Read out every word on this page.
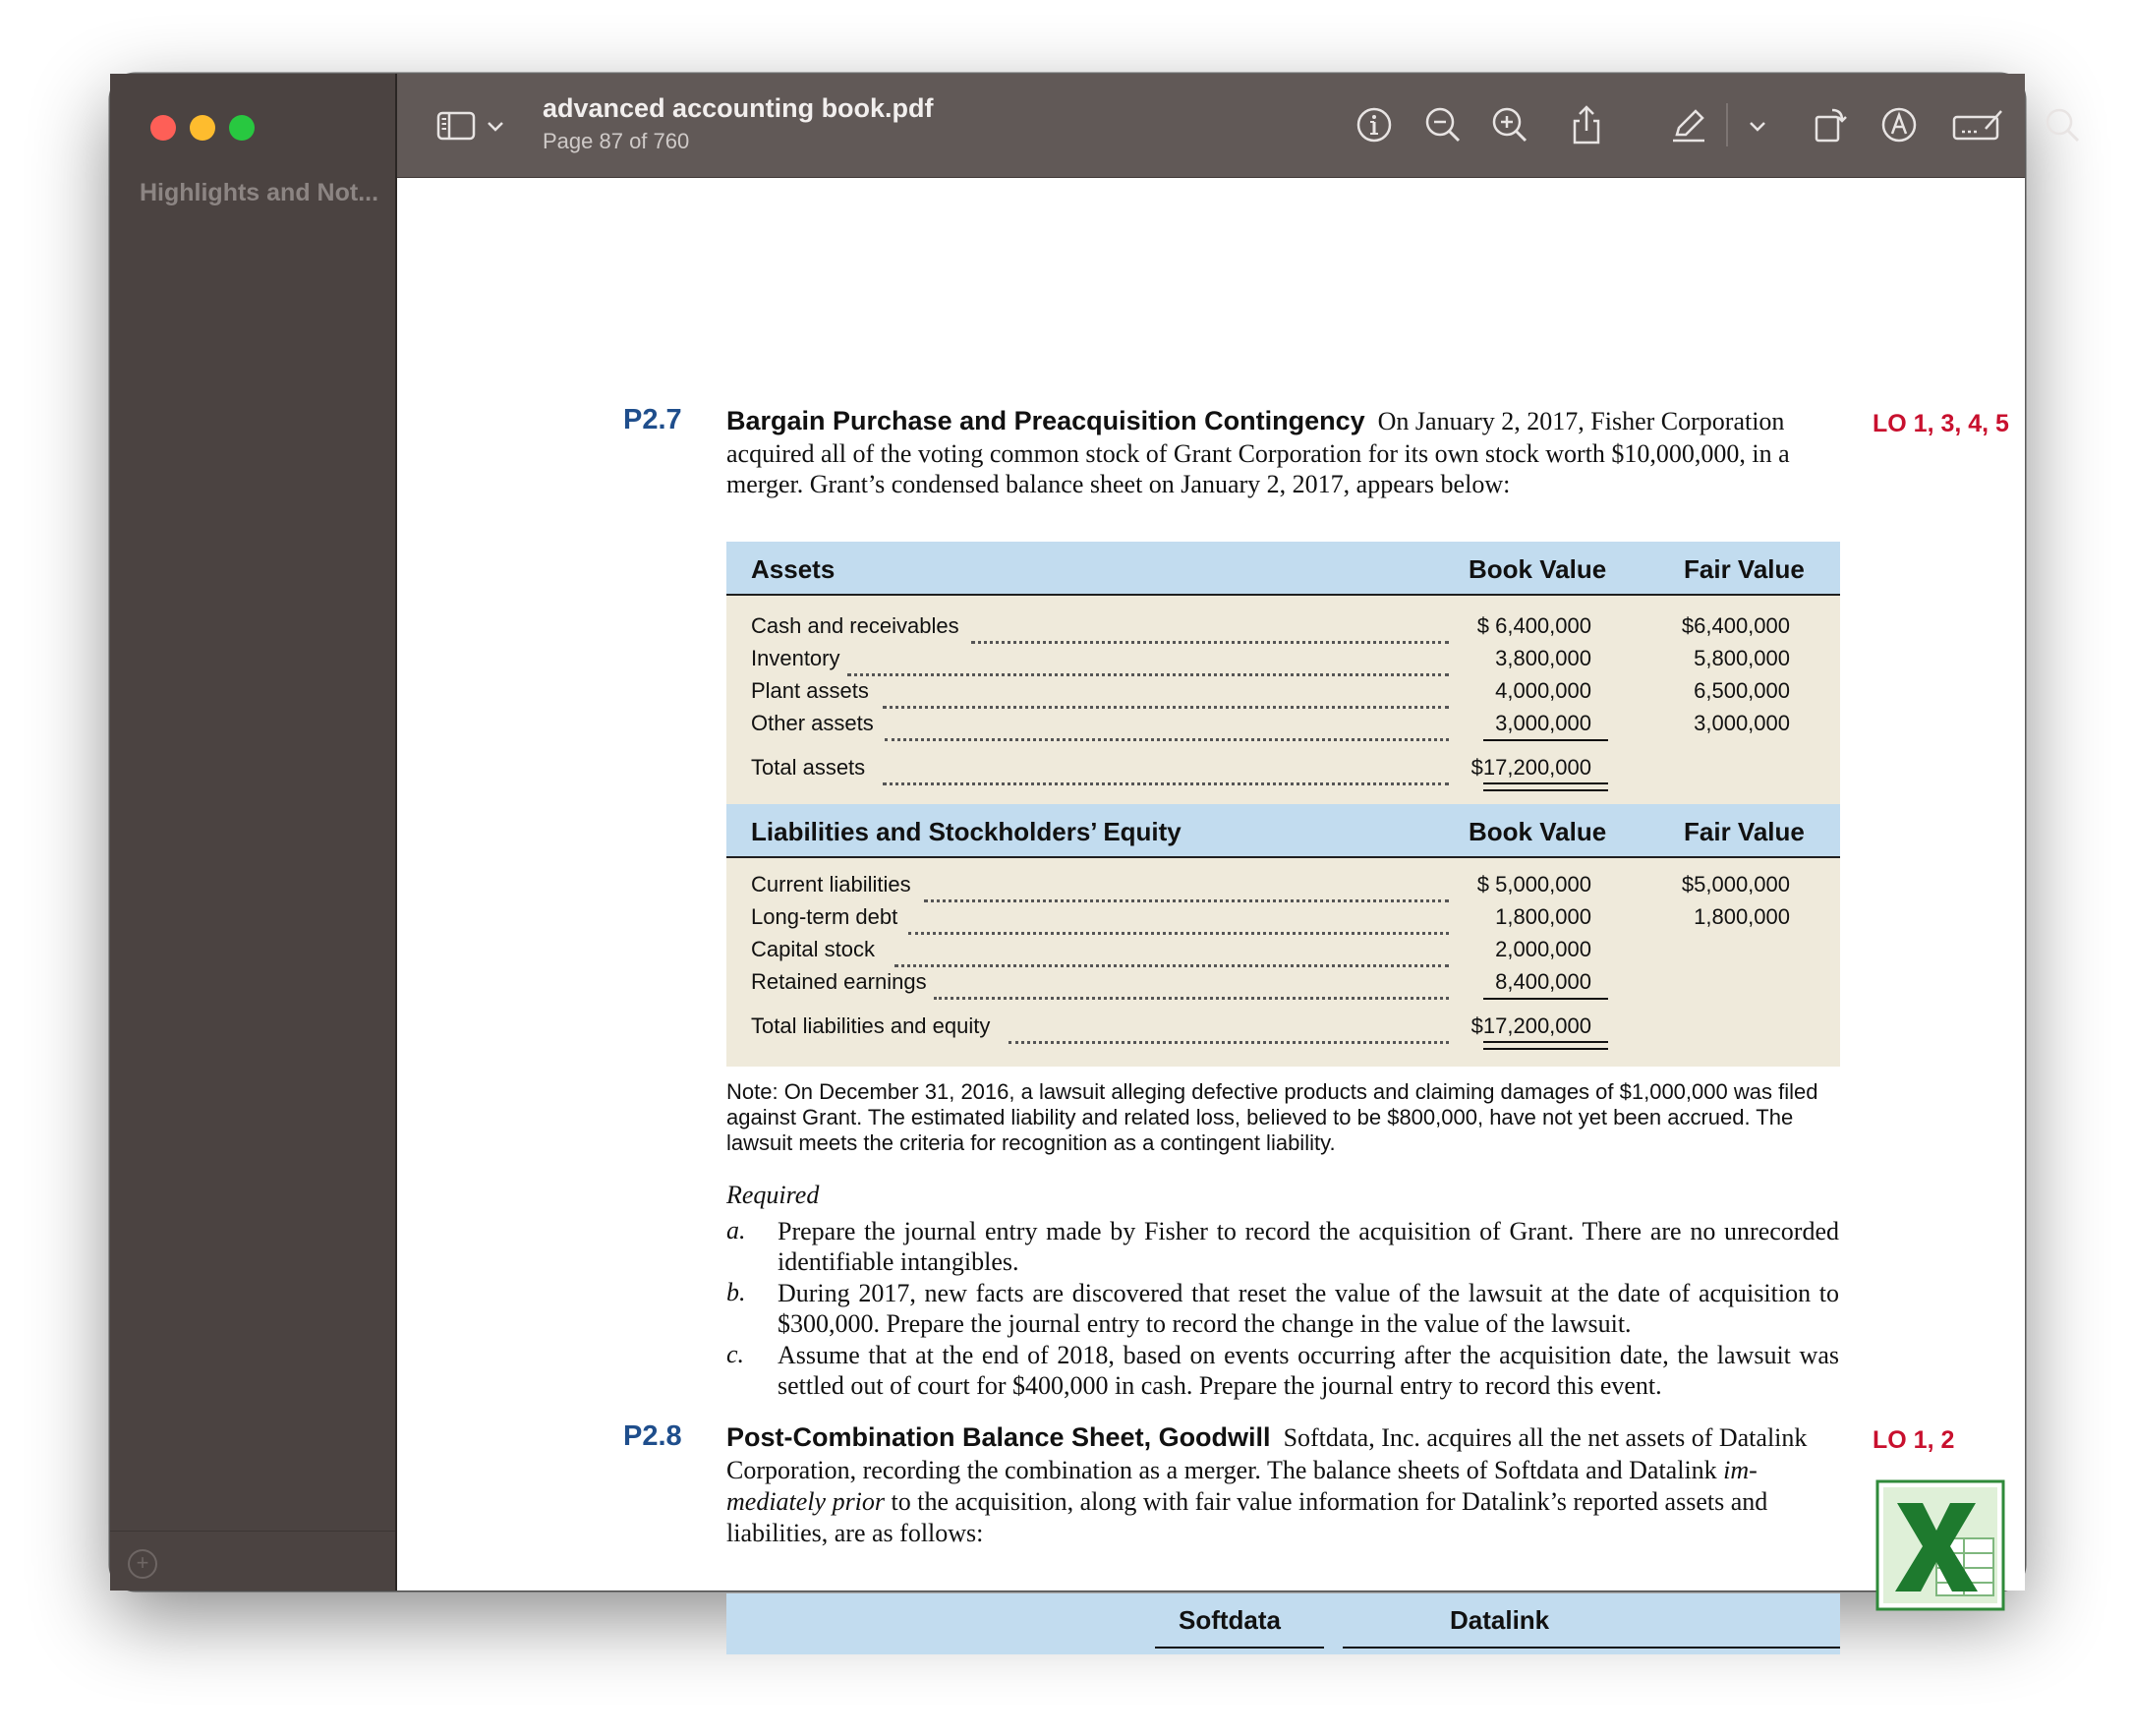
Highlights and Not...
+
advanced accounting book.pdf
Page 87 of 760
P2.7	LO 1, 3, 4, 5
Bargain Purchase and Preacquisition Contingency On January 2, 2017, Fisher Corporation
acquired all of the voting common stock of Grant Corporation for its own stock worth $10,000,000, in a
merger. Grant’s condensed balance sheet on January 2, 2017, appears below:
Assets	Book Value	Fair Value
Cash and receivables	$ 6,400,000	$6,400,000
Inventory	3,800,000	5,800,000
Plant assets	4,000,000	6,500,000
Other assets	3,000,000	3,000,000
Total assets	$17,200,000
Liabilities and Stockholders’ Equity	Book Value	Fair Value
Current liabilities	$ 5,000,000	$5,000,000
Long-term debt	1,800,000	1,800,000
Capital stock	2,000,000
Retained earnings	8,400,000
Total liabilities and equity	$17,200,000
Note: On December 31, 2016, a lawsuit alleging defective products and claiming damages of $1,000,000 was filed against Grant. The estimated liability and related loss, believed to be $800,000, have not yet been accrued. The lawsuit meets the criteria for recognition as a contingent liability.
Required
a. Prepare the journal entry made by Fisher to record the acquisition of Grant. There are no unrecorded identifiable intangibles.
b. During 2017, new facts are discovered that reset the value of the lawsuit at the date of acquisition to $300,000. Prepare the journal entry to record the change in the value of the lawsuit.
c. Assume that at the end of 2018, based on events occurring after the acquisition date, the lawsuit was settled out of court for $400,000 in cash. Prepare the journal entry to record this event.
P2.8	LO 1, 2
Post-Combination Balance Sheet, Goodwill Softdata, Inc. acquires all the net assets of Datalink
Corporation, recording the combination as a merger. The balance sheets of Softdata and Datalink im-
mediately prior to the acquisition, along with fair value information for Datalink’s reported assets and
liabilities, are as follows:
Softdata	Datalink
